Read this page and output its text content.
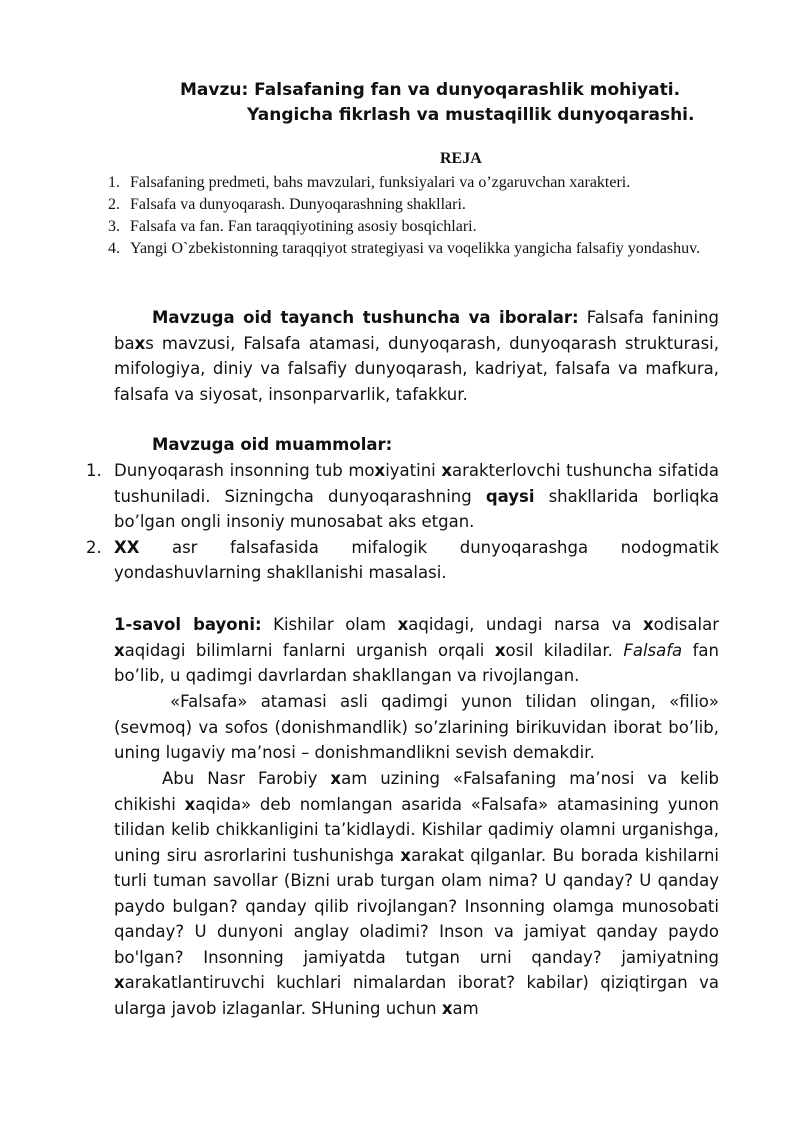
Mavzu: Falsafaning fan va dunyoqarashlik mohiyati.
Yangicha fikrlash va mustaqillik dunyoqarashi.
REJA
1. Falsafaning predmeti, bahs mavzulari, funksiyalari va o’zgaruvchan xarakteri.
2. Falsafa va dunyoqarash. Dunyoqarashning shakllari.
3. Falsafa va fan. Fan taraqqiyotining asosiy bosqichlari.
4. Yangi O`zbekistonning taraqqiyot strategiyasi va voqelikka yangicha falsafiy yondashuv.
Mavzuga oid tayanch tushuncha va iboralar: Falsafa fanining baxs mavzusi, Falsafa atamasi, dunyoqarash, dunyoqarash strukturasi, mifologiya, diniy va falsafiy dunyoqarash, kadriyat, falsafa va mafkura, falsafa va siyosat, insonparvarlik, tafakkur.
Mavzuga oid muammolar:
1. Dunyoqarash insonning tub moxiyatini xarakterlovchi tushuncha sifatida tushuniladi. Sizningcha dunyoqarashning qaysi shakllarida borliqka bo’lgan ongli insoniy munosabat aks etgan.
2. XX asr falsafasida mifalogik dunyoqarashga nodogmatik yondashuvlarning shakllanishi masalasi.
1-savol bayoni: Kishilar olam xaqidagi, undagi narsa va xodisalar xaqidagi bilimlarni fanlarni urganish orqali xosil kiladilar. Falsafa fan bo’lib, u qadimgi davrlardan shakllangan va rivojlangan.
«Falsafa» atamasi asli qadimgi yunon tilidan olingan, «filio» (sevmoq) va sofos (donishmandlik) so’zlarining birikuvidan iborat bo’lib, uning lugaviy ma’nosi – donishmandlikni sevish demakdir.
Abu Nasr Farobiy xam uzining «Falsafaning ma’nosi va kelib chikishi xaqida» deb nomlangan asarida «Falsafa» atamasining yunon tilidan kelib chikkanligini ta’kidlaydi. Kishilar qadimiy olamni urganishga, uning siru asrorlarini tushunishga xarakat qilganlar. Bu borada kishilarni turli tuman savollar (Bizni urab turgan olam nima? U qanday? U qanday paydo bulgan? qanday qilib rivojlangan? Insonning olamga munosobati qanday? U dunyoni anglay oladimi? Inson va jamiyat qanday paydo bo'lgan? Insonning jamiyatda tutgan urni qanday? jamiyatning xarakatlantiruvchi kuchlari nimalardan iborat? kabilar) qiziqtirgan va ularga javob izlaganlar. SHuning uchun xam
